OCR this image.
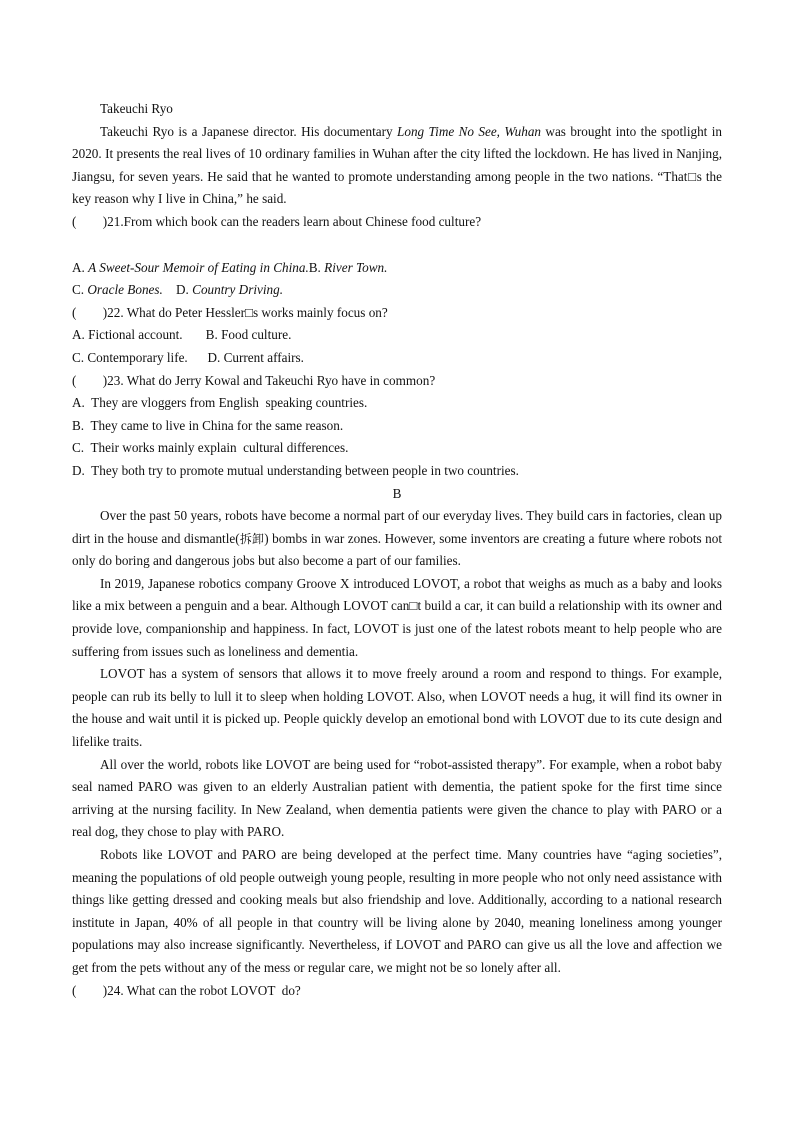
Takeuchi Ryo

Takeuchi Ryo is a Japanese director. His documentary Long Time No See, Wuhan was brought into the spotlight in 2020. It presents the real lives of 10 ordinary families in Wuhan after the city lifted the lockdown. He has lived in Nanjing, Jiangsu, for seven years. He said that he wanted to promote understanding among people in the two nations. “That□s the key reason why I live in China,” he said.

(        )21.From which book can the readers learn about Chinese food culture?

A. A Sweet-Sour Memoir of Eating in China.B. River Town.

C. Oracle Bones.    D. Country Driving.

(        )22. What do Peter Hessler□s works mainly focus on?

A. Fictional account.       B. Food culture.

C. Contemporary life.      D. Current affairs.

(        )23. What do Jerry Kowal and Takeuchi Ryo have in common?

A.  They are vloggers from English  speaking countries.

B.  They came to live in China for the same reason.

C.  Their works mainly explain  cultural differences.

D.  They both try to promote mutual understanding between people in two countries.

B

Over the past 50 years, robots have become a normal part of our everyday lives. They build cars in factories, clean up dirt in the house and dismantle(拆卸) bombs in war zones. However, some inventors are creating a future where robots not only do boring and dangerous jobs but also become a part of our families.

In 2019, Japanese robotics company Groove X introduced LOVOT, a robot that weighs as much as a baby and looks like a mix between a penguin and a bear. Although LOVOT can□t build a car, it can build a relationship with its owner and provide love, companionship and happiness. In fact, LOVOT is just one of the latest robots meant to help people who are suffering from issues such as loneliness and dementia.

LOVOT has a system of sensors that allows it to move freely around a room and respond to things. For example, people can rub its belly to lull it to sleep when holding LOVOT. Also, when LOVOT needs a hug, it will find its owner in the house and wait until it is picked up. People quickly develop an emotional bond with LOVOT due to its cute design and lifelike traits.

All over the world, robots like LOVOT are being used for “robot-assisted therapy”. For example, when a robot baby seal named PARO was given to an elderly Australian patient with dementia, the patient spoke for the first time since arriving at the nursing facility. In New Zealand, when dementia patients were given the chance to play with PARO or a real dog, they chose to play with PARO.

Robots like LOVOT and PARO are being developed at the perfect time. Many countries have “aging societies”, meaning the populations of old people outweigh young people, resulting in more people who not only need assistance with things like getting dressed and cooking meals but also friendship and love. Additionally, according to a national research institute in Japan, 40% of all people in that country will be living alone by 2040, meaning loneliness among younger populations may also increase significantly. Nevertheless, if LOVOT and PARO can give us all the love and affection we get from the pets without any of the mess or regular care, we might not be so lonely after all.

(        )24. What can the robot LOVOT  do?
